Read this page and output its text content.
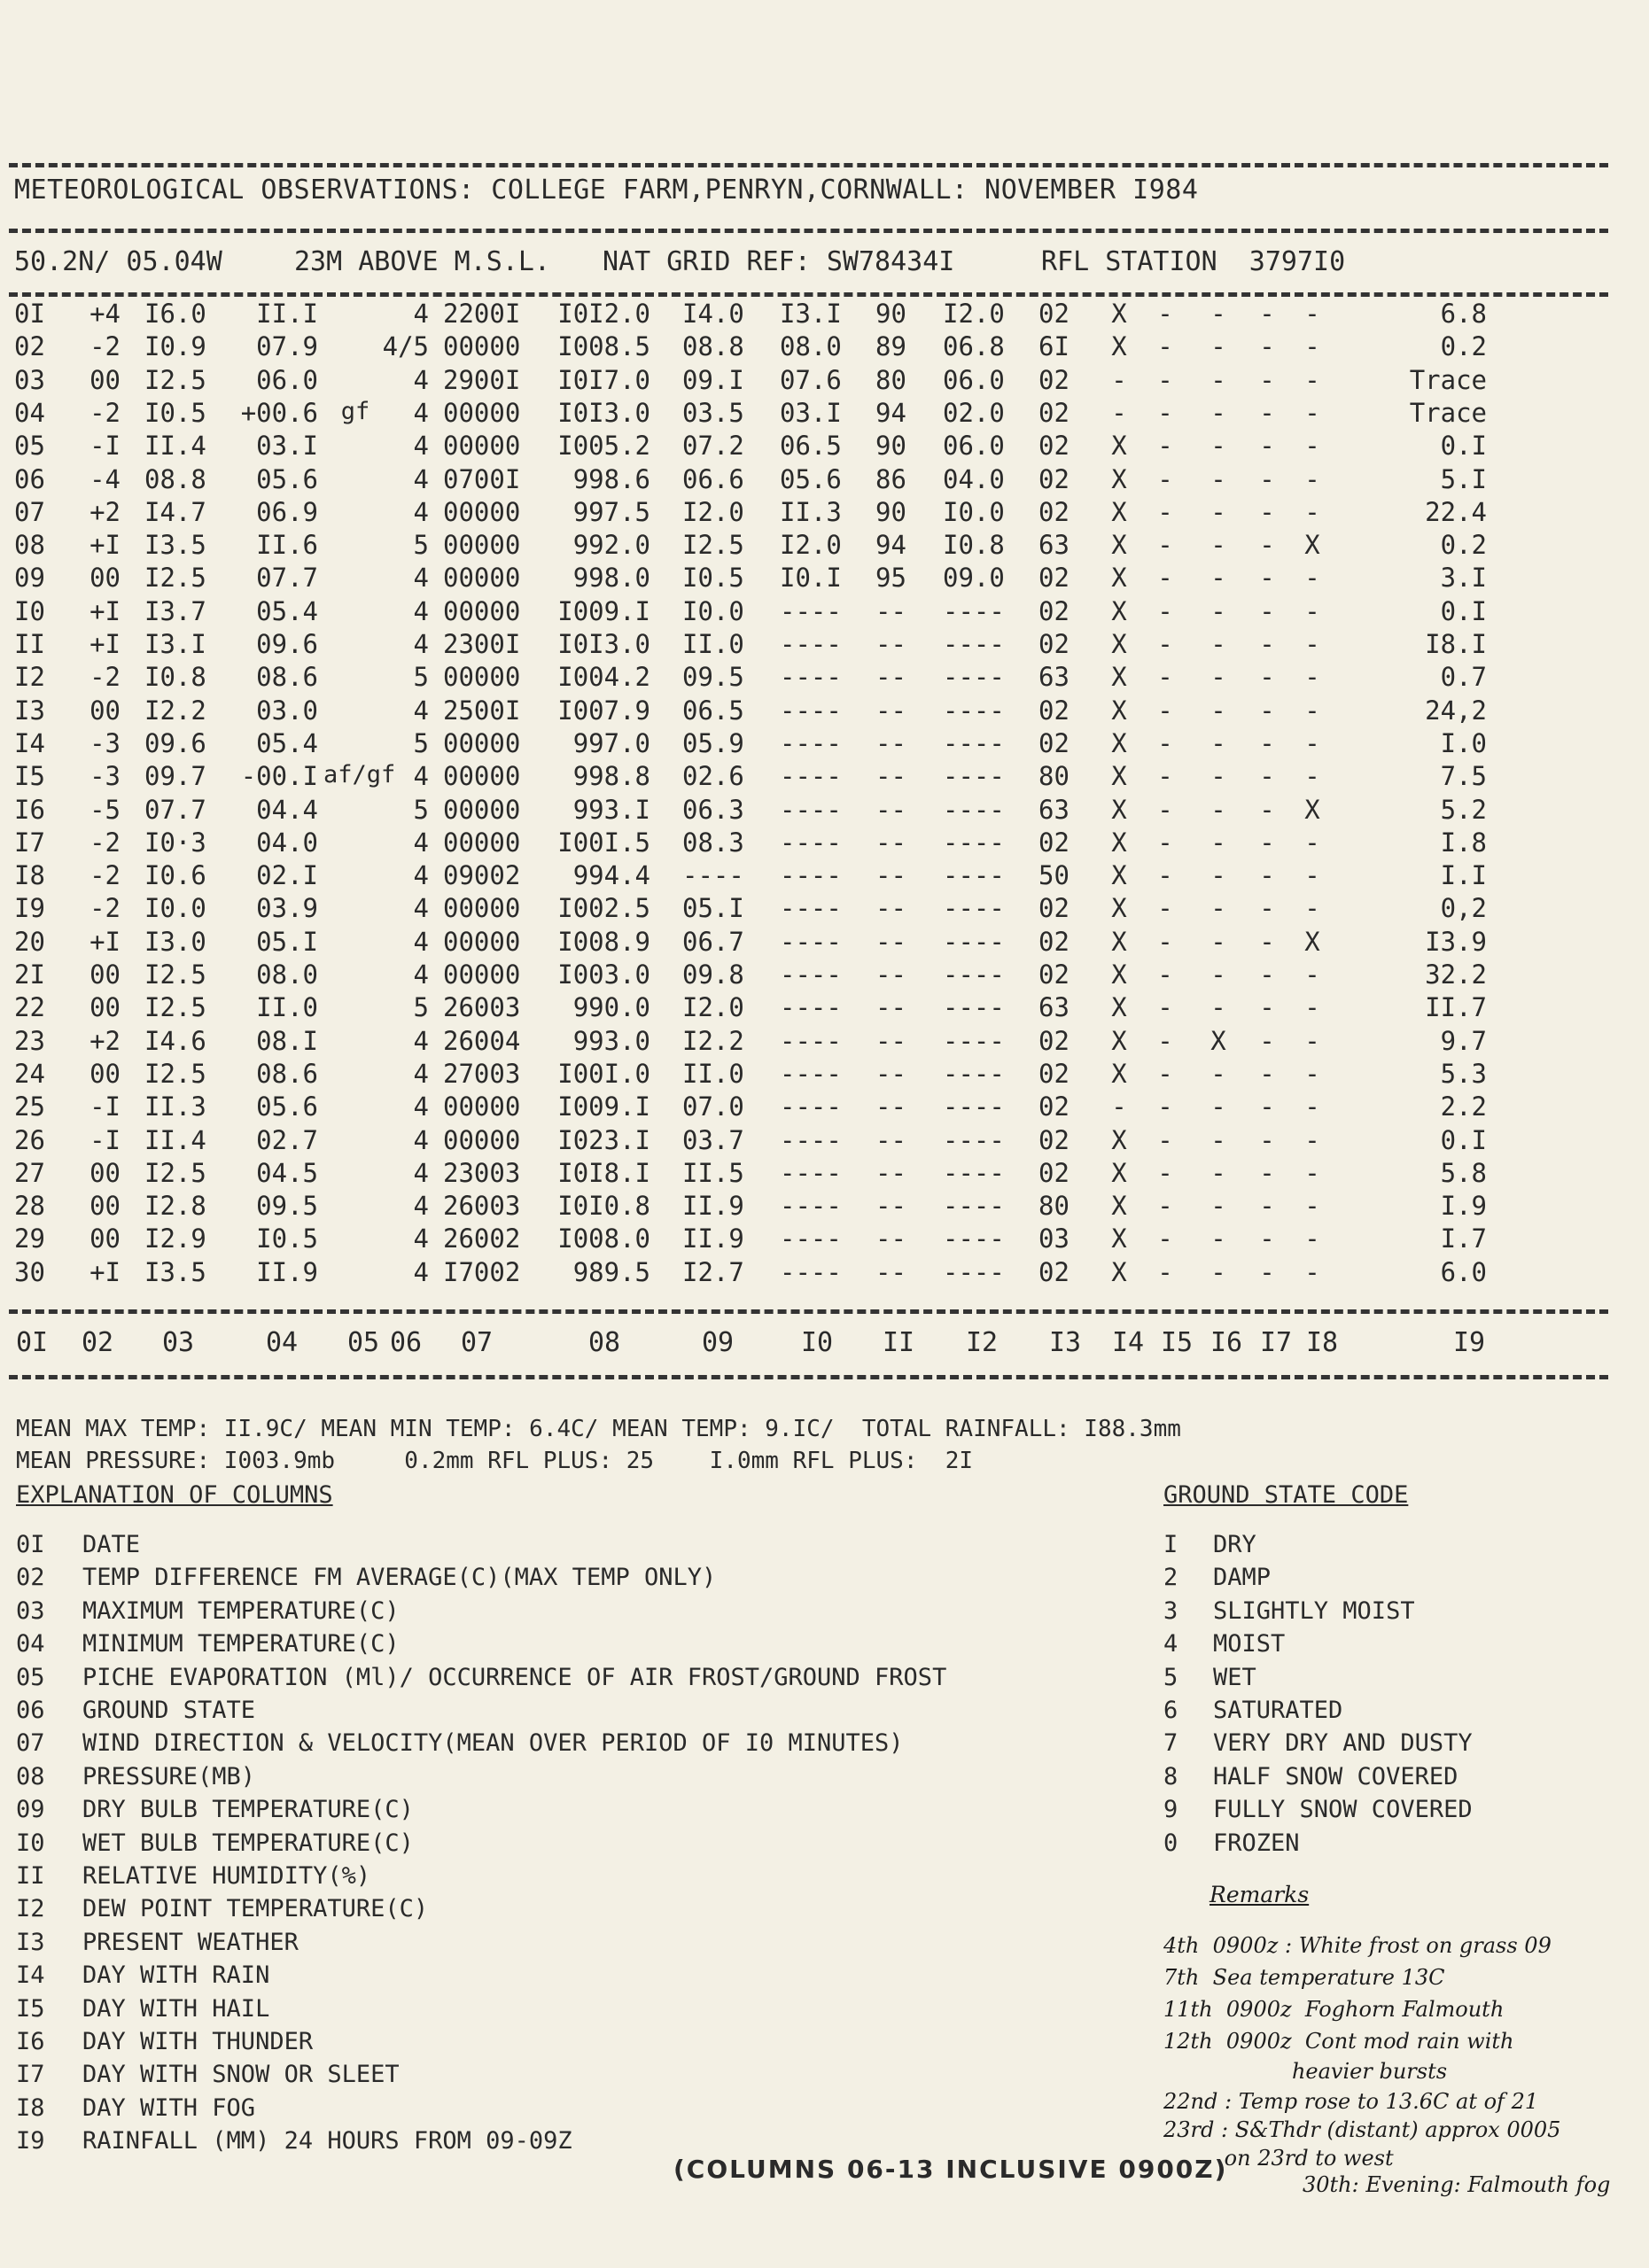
METEOROLOGICAL OBSERVATIONS: COLLEGE FARM,PENRYN,CORNWALL: NOVEMBER I984
50.2N/ 05.04W	23M ABOVE M.S.L. NAT GRID REF: SW78434I	RFL STATION  3797I0
0I	+4 I6.0	II.I	4 2200I	I0I2.0 I4.0	I3.I	90	I2.0	02	X - - - -	6.8
02	-2 I0.9	07.9	4/5 00000	I008.5 08.8	08.0	89	06.8	6I	X - - - -	0.2
03	00 I2.5	06.0	4 2900I	I0I7.0 09.I	07.6	80	06.0	02	- - - - -	Trace
04	-2 I0.5	+00.6 gf	4 00000	I0I3.0 03.5	03.I	94	02.0	02	- - - - -	Trace
05	-I II.4	03.I	4 00000	I005.2 07.2	06.5	90	06.0	02	X - - - -	0.I
06	-4 08.8	05.6	4 0700I	998.6 06.6	05.6	86	04.0	02	X - - - -	5.I
07	+2 I4.7	06.9	4 00000	997.5 I2.0	II.3	90	I0.0	02	X - - - -	22.4
08	+I I3.5	II.6	5 00000	992.0 I2.5	I2.0	94	I0.8	63	X - - - X	0.2
09	00 I2.5	07.7	4 00000	998.0 I0.5	I0.I	95	09.0	02	X - - - -	3.I
I0	+I I3.7	05.4	4 00000	I009.I I0.0	----	--	----	02	X - - - -	0.I
II	+I I3.I	09.6	4 2300I	I0I3.0 II.0	----	--	----	02	X - - - -	I8.I
I2	-2 I0.8	08.6	5 00000	I004.2 09.5	----	--	----	63	X - - - -	0.7
I3	00 I2.2	03.0	4 2500I	I007.9 06.5	----	--	----	02	X - - - -	24,2
I4	-3 09.6	05.4	5 00000	997.0 05.9	----	--	----	02	X - - - -	I.0
I5	-3 09.7	-00.I af/gf 4 00000	998.8 02.6	----	--	----	80	X - - - -	7.5
I6	-5 07.7	04.4	5 00000	993.I 06.3	----	--	----	63	X - - - X	5.2
I7	-2 I0·3	04.0	4 00000	I00I.5 08.3	----	--	----	02	X - - - -	I.8
I8	-2 I0.6	02.I	4 09002	994.4 ----	----	--	----	50	X - - - -	I.I
I9	-2 I0.0	03.9	4 00000	I002.5 05.I	----	--	----	02	X - - - -	0,2
20	+I I3.0	05.I	4 00000	I008.9 06.7	----	--	----	02	X - - - X	I3.9
2I	00 I2.5	08.0	4 00000	I003.0 09.8	----	--	----	02	X - - - -	32.2
22	00 I2.5	II.0	5 26003	990.0 I2.0	----	--	----	63	X - - - -	II.7
23	+2 I4.6	08.I	4 26004	993.0 I2.2	----	--	----	02	X - X - -	9.7
24	00 I2.5	08.6	4 27003	I00I.0 II.0	----	--	----	02	X - - - -	5.3
25	-I II.3	05.6	4 00000	I009.I 07.0	----	--	----	02	- - - - -	2.2
26	-I II.4	02.7	4 00000	I023.I 03.7	----	--	----	02	X - - - -	0.I
27	00 I2.5	04.5	4 23003	I0I8.I II.5	----	--	----	02	X - - - -	5.8
28	00 I2.8	09.5	4 26003	I0I0.8 II.9	----	--	----	80	X - - - -	I.9
29	00 I2.9	I0.5	4 26002	I008.0 II.9	----	--	----	03	X - - - -	I.7
30	+I I3.5	II.9	4 I7002	989.5 I2.7	----	--	----	02	X - - - -	6.0
0I 02 03	04 05 06 07	08	09	I0 II I2 I3 I4 I5 I6 I7 I8	I9
MEAN MAX TEMP: II.9C/ MEAN MIN TEMP: 6.4C/ MEAN TEMP: 9.IC/  TOTAL RAINFALL: I88.3mm
MEAN PRESSURE: I003.9mb     0.2mm RFL PLUS: 25    I.0mm RFL PLUS:  2I
EXPLANATION OF COLUMNS
0I DATE
02 TEMP DIFFERENCE FM AVERAGE(C)(MAX TEMP ONLY)
03 MAXIMUM TEMPERATURE(C)
04 MINIMUM TEMPERATURE(C)
05 PICHE EVAPORATION (Ml)/ OCCURRENCE OF AIR FROST/GROUND FROST
06 GROUND STATE
07 WIND DIRECTION & VELOCITY(MEAN OVER PERIOD OF I0 MINUTES)
08 PRESSURE(MB)
09 DRY BULB TEMPERATURE(C)
I0 WET BULB TEMPERATURE(C)
II RELATIVE HUMIDITY(%)
I2 DEW POINT TEMPERATURE(C)
I3 PRESENT WEATHER
I4 DAY WITH RAIN
I5 DAY WITH HAIL
I6 DAY WITH THUNDER
I7 DAY WITH SNOW OR SLEET
I8 DAY WITH FOG
I9 RAINFALL (MM) 24 HOURS FROM 09-09Z
GROUND STATE CODE
I DRY
2 DAMP
3 SLIGHTLY MOIST
4 MOIST
5 WET
6 SATURATED
7 VERY DRY AND DUSTY
8 HALF SNOW COVERED
9 FULLY SNOW COVERED
0 FROZEN
Remarks
4th  0900z : White frost on grass 09
7th  Sea temperature 13C
11th  0900z  Foghorn Falmouth
12th  0900z  Cont mod rain with
heavier bursts
22nd : Temp rose to 13.6C at of 21
23rd : S&Thdr (distant) approx 0005
on 23rd to west
30th: Evening: Falmouth fog
(COLUMNS 06-13 INCLUSIVE 0900Z)
